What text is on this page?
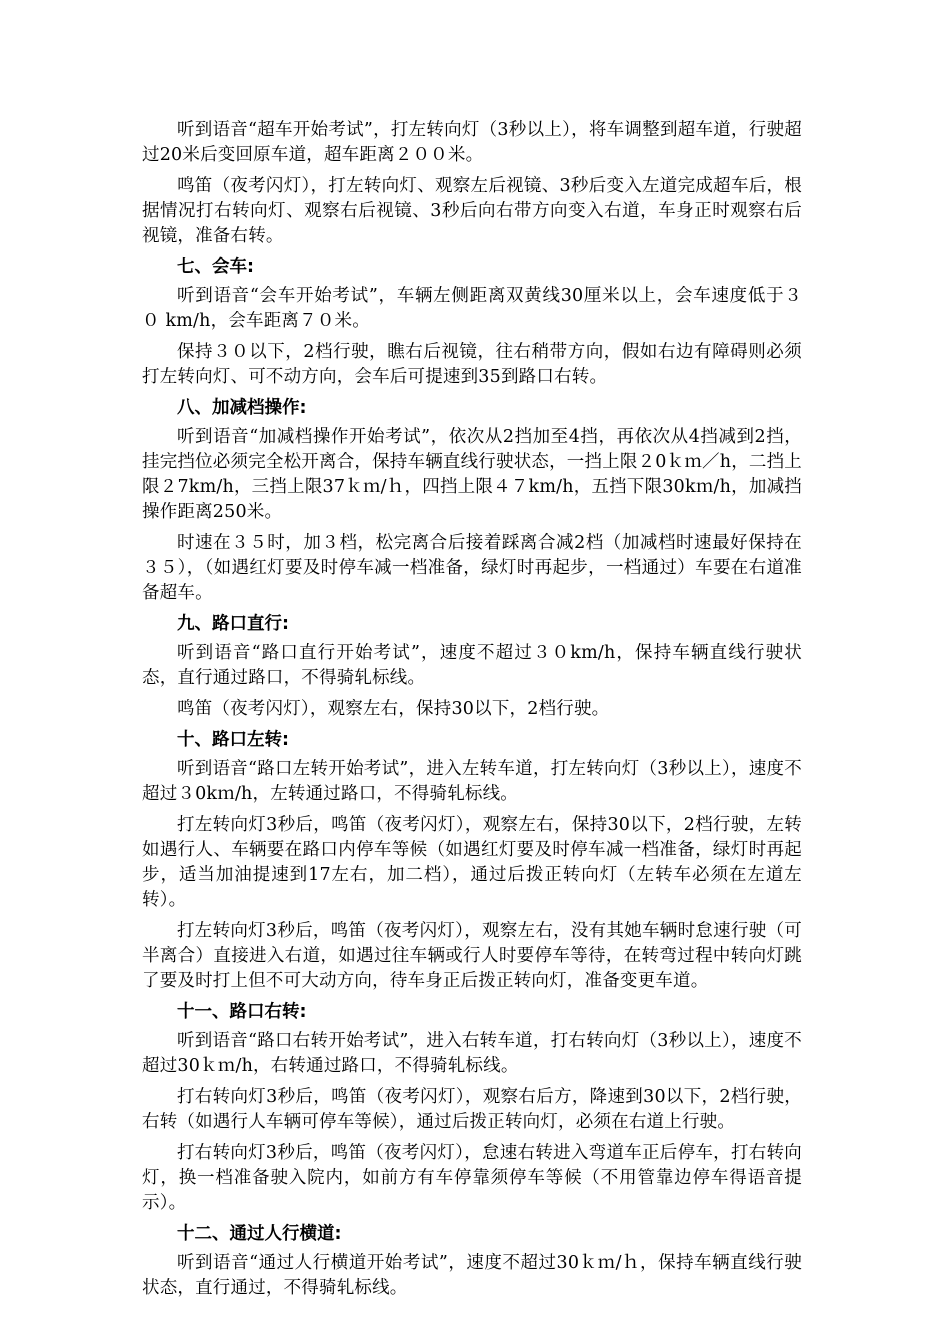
听到语音“超车开始考试”，打左转向灯（3秒以上），将车调整到超车道，行驶超过20米后变回原车道，超车距离２００米。

鸣笛（夜考闪灯），打左转向灯、观察左后视镜、3秒后变入左道完成超车后，根据情况打右转向灯、观察右后视镜、3秒后向右带方向变入右道，车身正时观察右后视镜，准备右转。

七、会车:

听到语音“会车开始考试”，车辆左侧距离双黄线30厘米以上，会车速度低于３０ km/h，会车距离７０米。

保持３０以下，2档行驶，瞧右后视镜，往右稍带方向，假如右边有障碍则必须打左转向灯、可不动方向，会车后可提速到35到路口右转。

八、加减档操作:

听到语音“加减档操作开始考试”，依次从2挡加至4挡，再依次从4挡减到2挡，挂完挡位必须完全松开离合，保持车辆直线行驶状态，一挡上限２0ｋｍ／h，二挡上限２7km/h，三挡上限37ｋｍ/ｈ，四挡上限４７km/h，五挡下限30kｍ/h，加减挡操作距离250米。

时速在３５时，加３档，松完离合后接着踩离合减2档（加减档时速最好保持在３５），（如遇红灯要及时停车减一档准备，绿灯时再起步，一档通过）车要在右道准备超车。

九、路口直行:

听到语音“路口直行开始考试”，速度不超过３０km/h，保持车辆直线行驶状态，直行通过路口，不得骑轧标线。

鸣笛（夜考闪灯），观察左右，保持30以下，2档行驶。

十、路口左转:

听到语音“路口左转开始考试”，进入左转车道，打左转向灯（3秒以上），速度不超过３0kｍ/h，左转通过路口，不得骑轧标线。

打左转向灯3秒后，鸣笛（夜考闪灯），观察左右，保持30以下，2档行驶，左转如遇行人、车辆要在路口内停车等候（如遇红灯要及时停车减一档准备，绿灯时再起步，适当加油提速到17左右，加二档），通过后拨正转向灯（左转车必须在左道左转）。

打左转向灯3秒后，鸣笛（夜考闪灯），观察左右，没有其她车辆时怠速行驶（可半离合）直接进入右道，如遇过往车辆或行人时要停车等待，在转弯过程中转向灯跳了要及时打上但不可大动方向，待车身正后拨正转向灯，准备变更车道。

十一、路口右转:

听到语音“路口右转开始考试”，进入右转车道，打右转向灯（3秒以上），速度不超过30ｋｍ/h，右转通过路口，不得骑轧标线。

打右转向灯3秒后，鸣笛（夜考闪灯），观察右后方，降速到30以下，2档行驶，右转（如遇行人车辆可停车等候），通过后拨正转向灯，必须在右道上行驶。

打右转向灯3秒后，鸣笛（夜考闪灯），怠速右转进入弯道车正后停车，打右转向灯，换一档准备驶入院内，如前方有车停靠须停车等候（不用管靠边停车得语音提示）。

十二、通过人行横道:

听到语音“通过人行横道开始考试”，速度不超过30ｋｍ/ｈ，保持车辆直线行驶状态，直行通过，不得骑轧标线。
